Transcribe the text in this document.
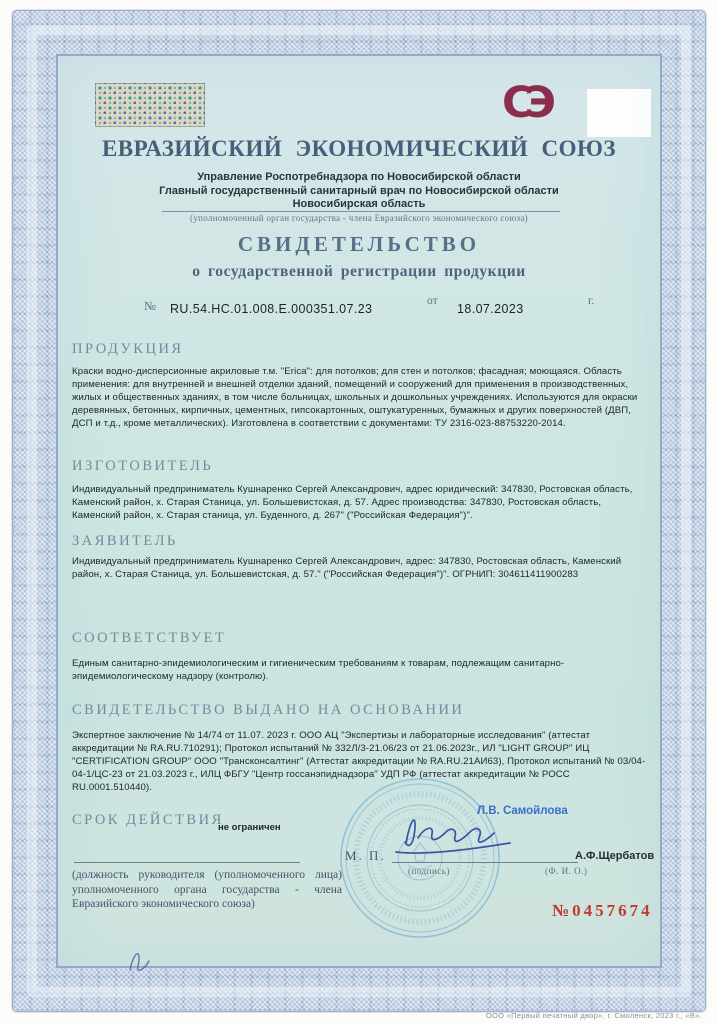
СЭ
ЕВРАЗИЙСКИЙ ЭКОНОМИЧЕСКИЙ СОЮЗ
Управление Роспотребнадзора по Новосибирской области
Главный государственный санитарный врач по Новосибирской области
Новосибирская область
(уполномоченный орган государства - члена Евразийского экономического союза)
СВИДЕТЕЛЬСТВО
о государственной регистрации продукции
№ RU.54.HC.01.008.E.000351.07.23
от
18.07.2023
г.
ПРОДУКЦИЯ
Краски водно-дисперсионные акриловые т.м. "Erica": для потолков; для стен и потолков; фасадная; моющаяся. Область применения: для внутренней и внешней отделки зданий, помещений и сооружений для применения в производственных, жилых и общественных зданиях, в том числе больницах, школьных и дошкольных учреждениях. Используются для окраски деревянных, бетонных, кирпичных, цементных, гипсокартонных, оштукатуренных, бумажных и других поверхностей (ДВП, ДСП и т.д., кроме металлических). Изготовлена в соответствии с документами: ТУ 2316-023-88753220-2014.
ИЗГОТОВИТЕЛЬ
Индивидуальный предприниматель Кушнаренко Сергей Александрович, адрес юридический: 347830, Ростовская область, Каменский район, х. Старая Станица, ул. Большевистская, д. 57. Адрес производства: 347830, Ростовская область, Каменский район, х. Старая станица, ул. Буденного, д. 267" ("Российская Федерация")".
ЗАЯВИТЕЛЬ
Индивидуальный предприниматель Кушнаренко Сергей Александрович, адрес: 347830, Ростовская область, Каменский район, х. Старая Станица, ул. Большевистская, д. 57." ("Российская Федерация")". ОГРНИП: 304611411900283
СООТВЕТСТВУЕТ
Единым санитарно-эпидемиологическим и гигиеническим требованиям к товарам, подлежащим санитарно-эпидемиологическому надзору (контролю).
СВИДЕТЕЛЬСТВО ВЫДАНО НА ОСНОВАНИИ
Экспертное заключение № 14/74 от 11.07. 2023 г. ООО АЦ "Экспертизы и лабораторные исследования" (аттестат аккредитации № RA.RU.710291); Протокол испытаний № 332Л/3-21.06/23 от 21.06.2023г., ИЛ "LIGHT GROUP" ИЦ "CERTIFICATION GROUP" ООО "Трансконсалтинг" (Аттестат аккредитации № RA.RU.21АИ63), Протокол испытаний № 03/04-04-1/ЦС-23 от 21.03.2023 г., ИЛЦ ФБГУ "Центр госсанэпиднадзора" УДП РФ (аттестат аккредитации № РОСС RU.0001.510440).
СРОК ДЕЙСТВИЯ
не ограничен
Л.В. Самойлова
М. П.
(подпись)
А.Ф.Щербатов
(Ф. И. О.)
(должность руководителя (уполномоченного лица) уполномоченного органа государства - члена Евразийского экономического союза)	№0457674
ООО «Первый печатный двор», г. Смоленск, 2023 г., «В».
